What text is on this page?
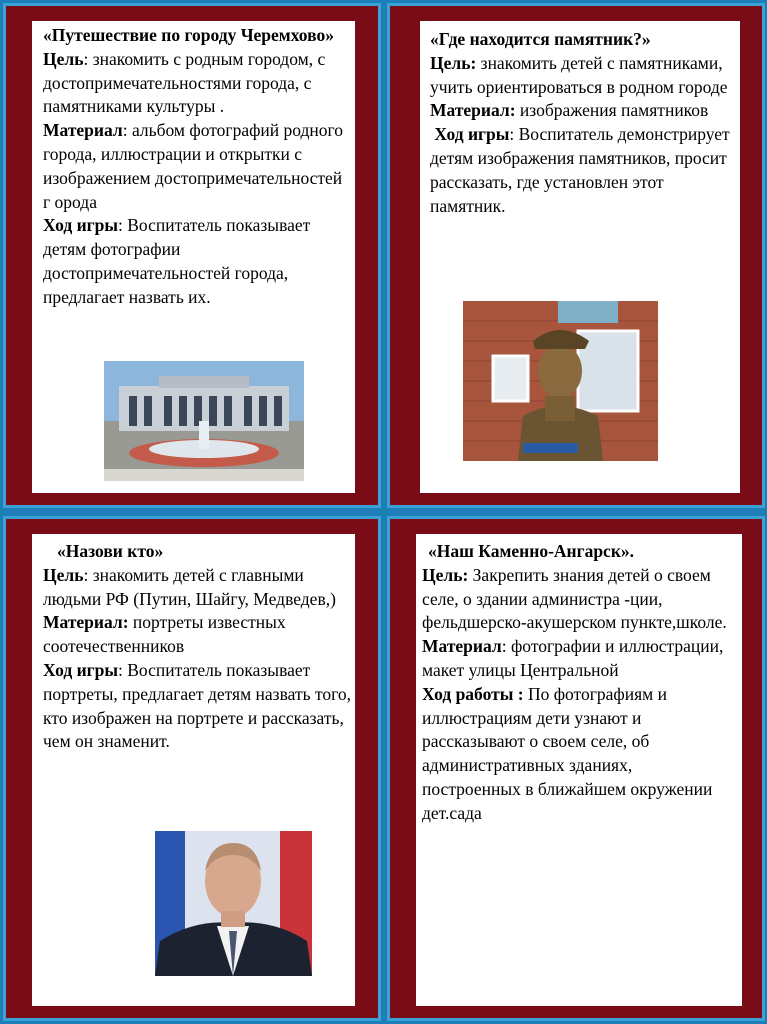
«Путешествие по городу Черемхово»

Цель: знакомить с родным городом, с достопримечательностями города, с памятниками культуры .

Материал: альбом фотографий родного города, иллюстрации и открытки с изображением достопримечательностей г орода

Ход игры: Воспитатель показывает детям фотографии достопримечательностей города, предлагает назвать их.

«Где находится памятник?»

Цель: знакомить детей с памятниками, учить ориентироваться в родном городе

Материал: изображения памятников

Ход игры: Воспитатель демонстрирует детям изображения памятников, просит рассказать, где установлен этот памятник.

«Назови кто»

Цель: знакомить детей с главными людьми РФ (Путин, Шайгу, Медведев,)

Материал: портреты известных соотечественников

Ход игры: Воспитатель показывает портреты, предлагает детям назвать того, кто изображен на портрете и рассказать, чем он знаменит.

«Наш Каменно-Ангарск».

Цель: Закрепить знания детей о своем селе, о здании администра -ции, фельдшерско-акушерском пункте,школе.

Материал: фотографии и иллюстрации, макет улицы Центральной

Ход работы : По фотографиям и иллюстрациям дети узнают и рассказывают о своем селе, об административных зданиях, построенных в ближайшем окружении дет.сада
